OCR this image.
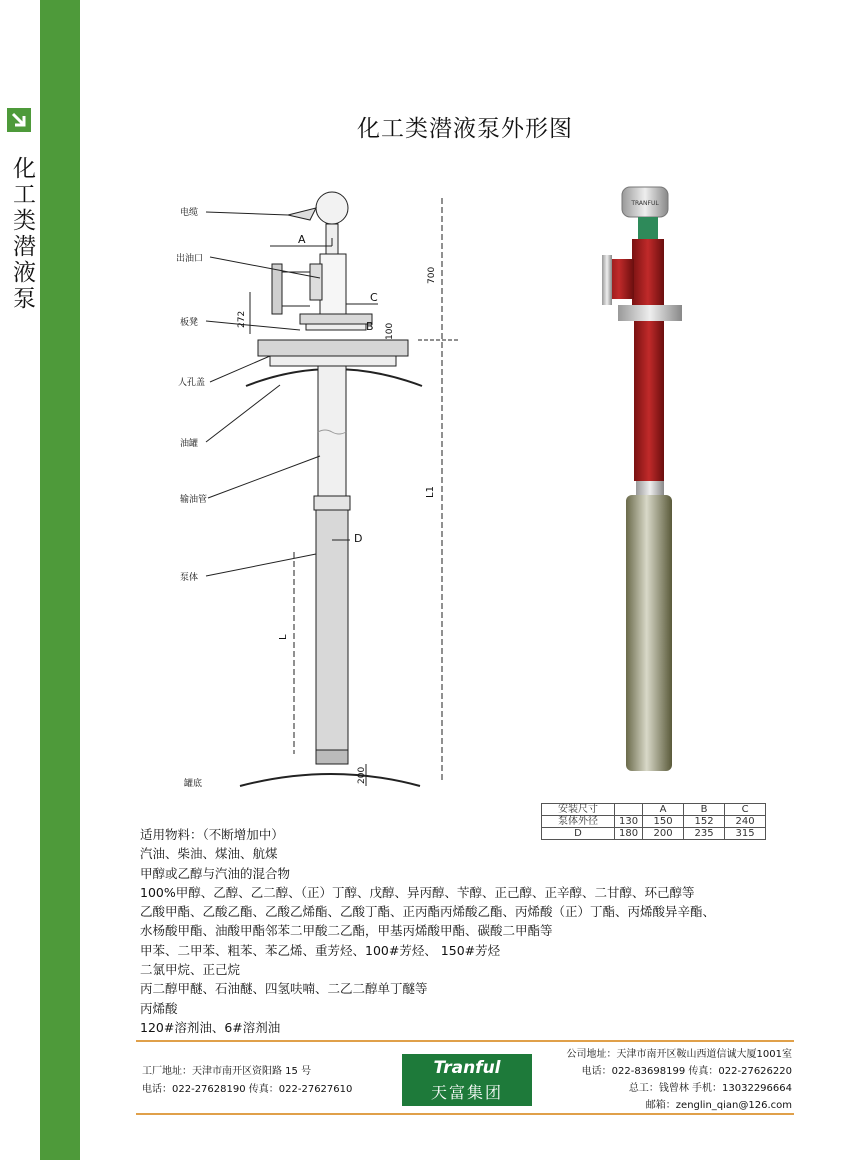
化工类潜液泵 天富集团 · 天津加马电潜泵有限责任公司
www.lvpaiqianyoubeng.com
化工类潜液泵外形图
电缆
出油口
板凳
人孔盖
油罐
输油管
泵体
罐底
A
C
B
D
L
L1
700
272
100
200
TRANFUL
安装尺寸		A	B	C
泵体外径	130	150	152	240
D	180	200	235	315
适用物料：（不断增加中）
汽油、柴油、煤油、航煤
甲醇或乙醇与汽油的混合物
100%甲醇、乙醇、乙二醇、（正）丁醇、戊醇、异丙醇、苄醇、正己醇、正辛醇、二甘醇、环己醇等
乙酸甲酯、乙酸乙酯、乙酸乙烯酯、乙酸丁酯、正丙酯丙烯酸乙酯、丙烯酸（正）丁酯、丙烯酸异辛酯、
水杨酸甲酯、油酸甲酯邻苯二甲酸二乙酯，甲基丙烯酸甲酯、碳酸二甲酯等
甲苯、二甲苯、粗苯、苯乙烯、重芳烃、100#芳烃、 150#芳烃
二氯甲烷、正己烷
丙二醇甲醚、石油醚、四氢呋喃、二乙二醇单丁醚等
丙烯酸
120#溶剂油、6#溶剂油
工厂地址：天津市南开区资阳路 15 号
电话：022-27628190 传真：022-27627610
Tranful
天富集团
公司地址：天津市南开区鞍山西道信诚大厦1001室
电话：022-83698199 传真：022-27626220
总工：钱曾林 手机：13032296664
邮箱：zenglin_qian@126.com
